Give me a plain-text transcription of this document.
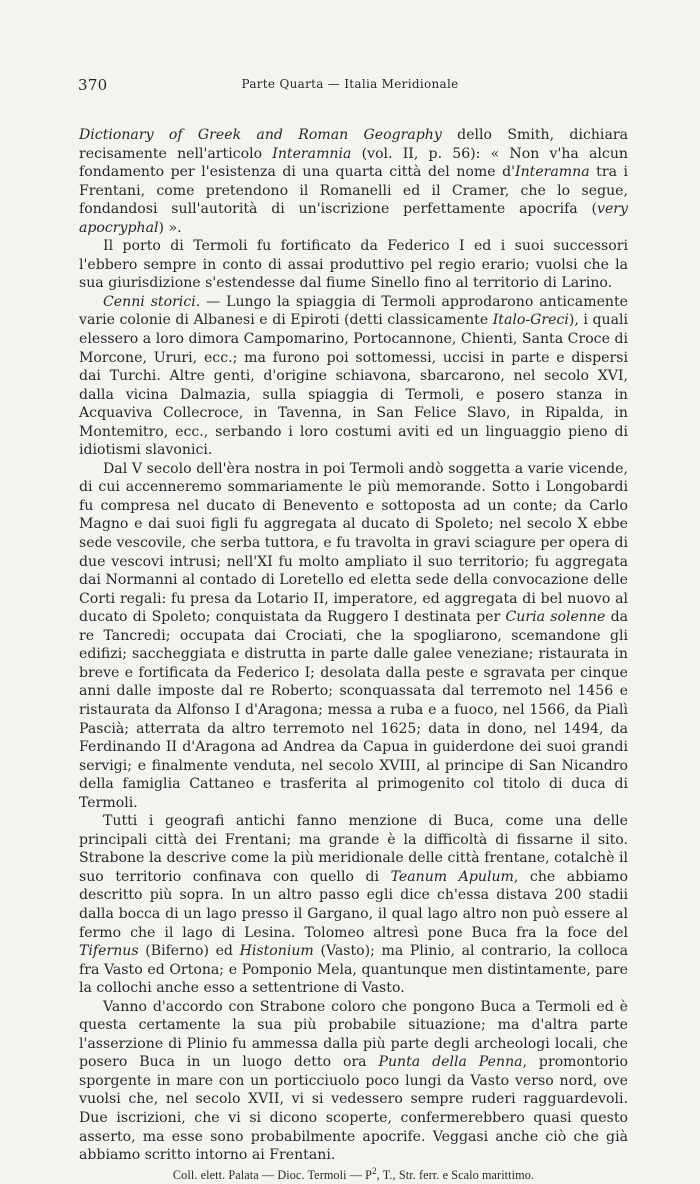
370	Parte Quarta — Italia Meridionale

Dictionary of Greek and Roman Geography dello Smith, dichiara recisamente nell'articolo Interamnia (vol. II, p. 56): « Non v'ha alcun fondamento per l'esistenza di una quarta città del nome d'Interamna tra i Frentani, come pretendono il Romanelli ed il Cramer, che lo segue, fondandosi sull'autorità di un'iscrizione perfettamente apocrifa (very apocryphal) ».

Il porto di Termoli fu fortificato da Federico I ed i suoi successori l'ebbero sempre in conto di assai produttivo pel regio erario; vuolsi che la sua giurisdizione s'estendesse dal fiume Sinello fino al territorio di Larino.

Cenni storici. — Lungo la spiaggia di Termoli approdarono anticamente varie colonie di Albanesi e di Epiroti (detti classicamente Italo-Greci), i quali elessero a loro dimora Campomarino, Portocannone, Chienti, Santa Croce di Morcone, Ururi, ecc.; ma furono poi sottomessi, uccisi in parte e dispersi dai Turchi. Altre genti, d'origine schiavona, sbarcarono, nel secolo XVI, dalla vicina Dalmazia, sulla spiaggia di Termoli, e posero stanza in Acquaviva Collecroce, in Tavenna, in San Felice Slavo, in Ripalda, in Montemitro, ecc., serbando i loro costumi aviti ed un linguaggio pieno di idiotismi slavonici.

Dal V secolo dell'èra nostra in poi Termoli andò soggetta a varie vicende, di cui accenneremo sommariamente le più memorande. Sotto i Longobardi fu compresa nel ducato di Benevento e sottoposta ad un conte; da Carlo Magno e dai suoi figli fu aggregata al ducato di Spoleto; nel secolo X ebbe sede vescovile, che serba tuttora, e fu travolta in gravi sciagure per opera di due vescovi intrusi; nell'XI fu molto ampliato il suo territorio; fu aggregata dai Normanni al contado di Loretello ed eletta sede della convocazione delle Corti regali: fu presa da Lotario II, imperatore, ed aggregata di bel nuovo al ducato di Spoleto; conquistata da Ruggero I destinata per Curia solenne da re Tancredi; occupata dai Crociati, che la spogliarono, scemandone gli edifizi; saccheggiata e distrutta in parte dalle galee veneziane; ristaurata in breve e fortificata da Federico I; desolata dalla peste e sgravata per cinque anni dalle imposte dal re Roberto; sconquassata dal terremoto nel 1456 e ristaurata da Alfonso I d'Aragona; messa a ruba e a fuoco, nel 1566, da Pialì Pascià; atterrata da altro terremoto nel 1625; data in dono, nel 1494, da Ferdinando II d'Aragona ad Andrea da Capua in guiderdone dei suoi grandi servigi; e finalmente venduta, nel secolo XVIII, al principe di San Nicandro della famiglia Cattaneo e trasferita al primogenito col titolo di duca di Termoli.

Tutti i geografi antichi fanno menzione di Buca, come una delle principali città dei Frentani; ma grande è la difficoltà di fissarne il sito. Strabone la descrive come la più meridionale delle città frentane, cotalchè il suo territorio confinava con quello di Teanum Apulum, che abbiamo descritto più sopra. In un altro passo egli dice ch'essa distava 200 stadii dalla bocca di un lago presso il Gargano, il qual lago altro non può essere al fermo che il lago di Lesina. Tolomeo altresì pone Buca fra la foce del Tifernus (Biferno) ed Histonium (Vasto); ma Plinio, al contrario, la colloca fra Vasto ed Ortona; e Pomponio Mela, quantunque men distintamente, pare la collochi anche esso a settentrione di Vasto.

Vanno d'accordo con Strabone coloro che pongono Buca a Termoli ed è questa certamente la sua più probabile situazione; ma d'altra parte l'asserzione di Plinio fu ammessa dalla più parte degli archeologi locali, che posero Buca in un luogo detto ora Punta della Penna, promontorio sporgente in mare con un porticciuolo poco lungi da Vasto verso nord, ove vuolsi che, nel secolo XVII, vi si vedessero sempre ruderi ragguardevoli. Due iscrizioni, che vi si dicono scoperte, confermerebbero quasi questo asserto, ma esse sono probabilmente apocrife. Veggasi anche ciò che già abbiamo scritto intorno ai Frentani.

Coll. elett. Palata — Dioc. Termoli — $P^2$, T., Str. ferr. e Scalo marittimo.
